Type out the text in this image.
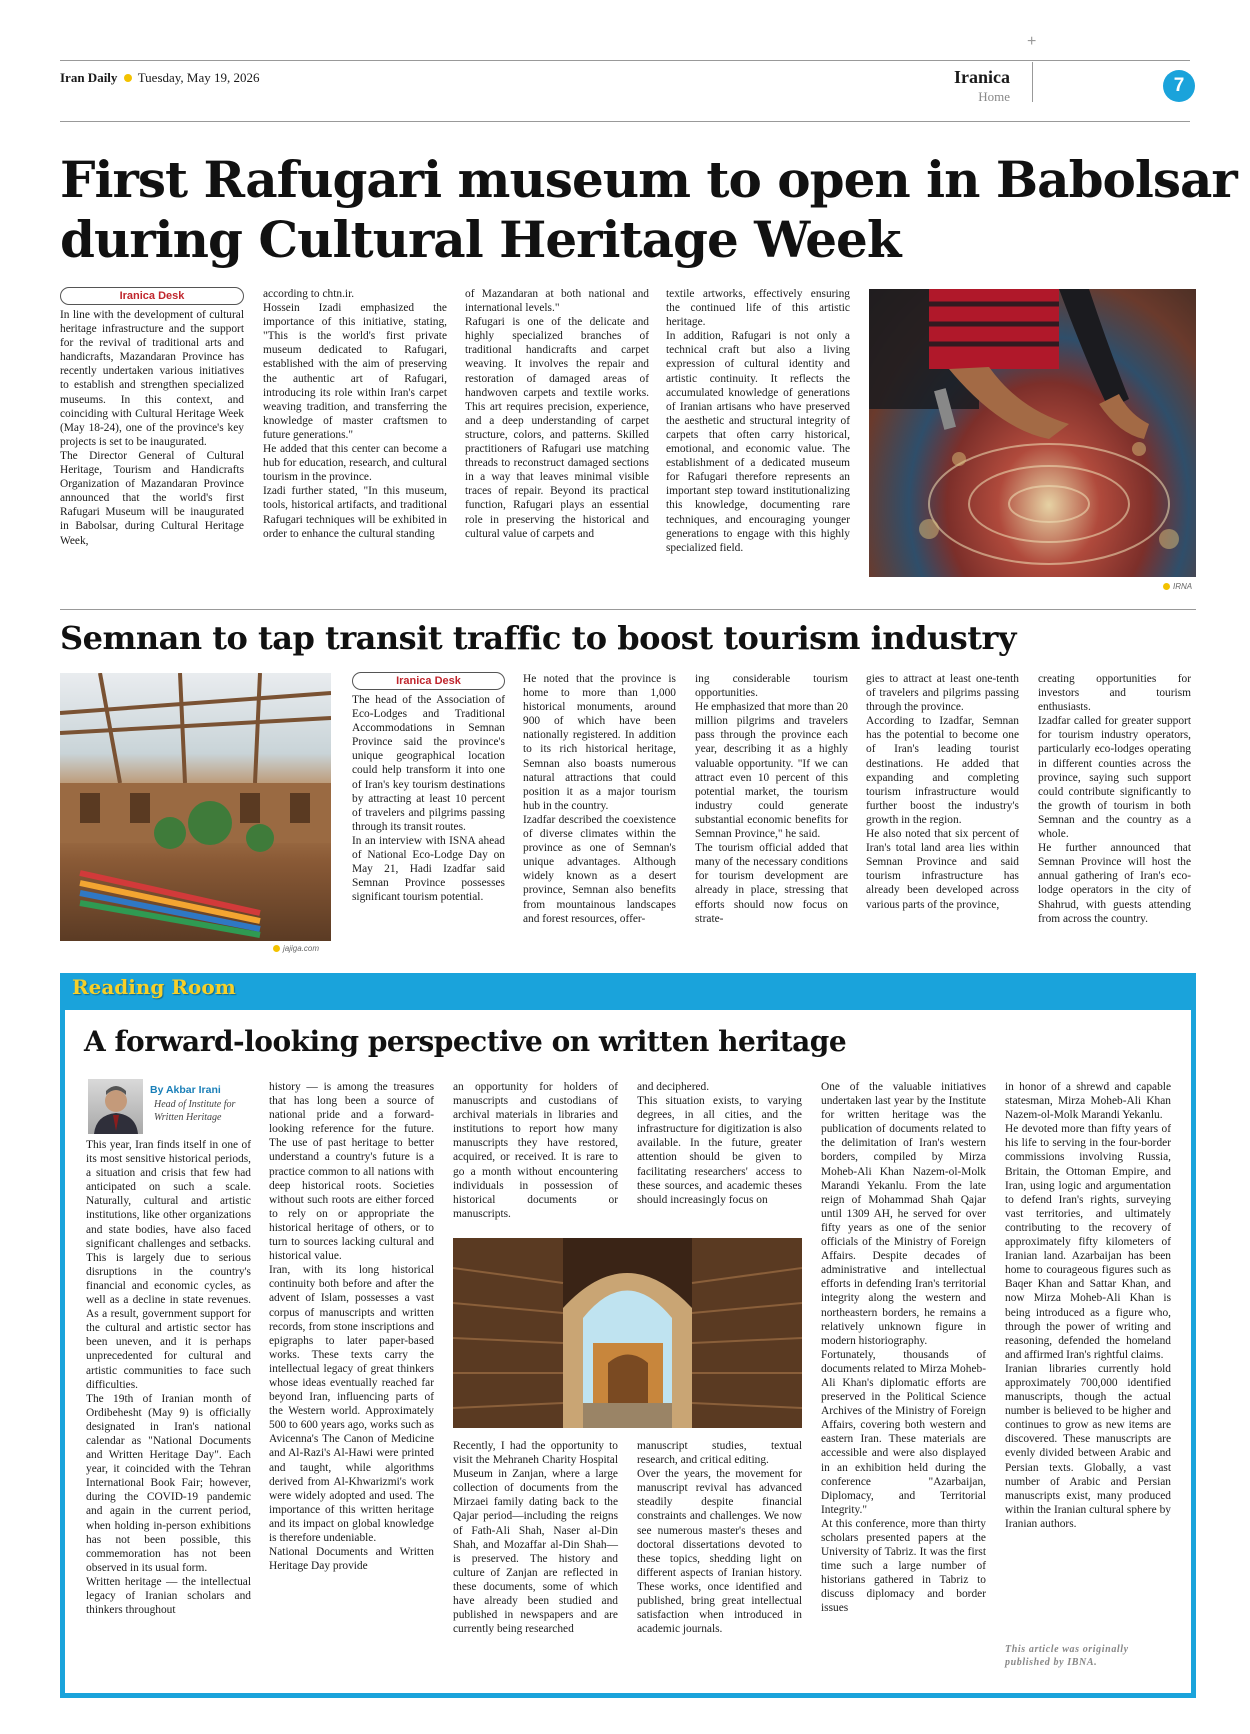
+
Iran Daily Tuesday, May 19, 2026	Iranica
Home
7
First Rafugari museum to open in Babolsar
during Cultural Heritage Week
Iranica Desk

In line with the development of cultural heritage infrastructure and the support for the revival of traditional arts and handicrafts, Mazandaran Province has recently undertaken various initiatives to establish and strengthen specialized museums. In this context, and coinciding with Cultural Heritage Week (May 18-24), one of the province's key projects is set to be inaugurated.
The Director General of Cultural Heritage, Tourism and Handicrafts Organization of Mazandaran Province announced that the world's first Rafugari Museum will be inaugurated in Babolsar, during Cultural Heritage Week,

according to chtn.ir.
Hossein Izadi emphasized the importance of this initiative, stating, "This is the world's first private museum dedicated to Rafugari, established with the aim of preserving the authentic art of Rafugari, introducing its role within Iran's carpet weaving tradition, and transferring the knowledge of master craftsmen to future generations."
He added that this center can become a hub for education, research, and cultural tourism in the province.
Izadi further stated, "In this museum, tools, historical artifacts, and traditional Rafugari techniques will be exhibited in order to enhance the cultural standing

of Mazandaran at both national and international levels."
Rafugari is one of the delicate and highly specialized branches of traditional handicrafts and carpet weaving. It involves the repair and restoration of damaged areas of handwoven carpets and textile works. This art requires precision, experience, and a deep understanding of carpet structure, colors, and patterns. Skilled practitioners of Rafugari use matching threads to reconstruct damaged sections in a way that leaves minimal visible traces of repair. Beyond its practical function, Rafugari plays an essential role in preserving the historical and cultural value of carpets and

textile artworks, effectively ensuring the continued life of this artistic heritage.
In addition, Rafugari is not only a technical craft but also a living expression of cultural identity and artistic continuity. It reflects the accumulated knowledge of generations of Iranian artisans who have preserved the aesthetic and structural integrity of carpets that often carry historical, emotional, and economic value. The establishment of a dedicated museum for Rafugari therefore represents an important step toward institutionalizing this knowledge, documenting rare techniques, and encouraging younger generations to engage with this highly specialized field.

IRNA
Semnan to tap transit traffic to boost tourism industry
jajiga.com
Iranica Desk

The head of the Association of Eco-Lodges and Traditional Accommodations in Semnan Province said the province's unique geographical location could help transform it into one of Iran's key tourism destinations by attracting at least 10 percent of travelers and pilgrims passing through its transit routes.
In an interview with ISNA ahead of National Eco-Lodge Day on May 21, Hadi Izadfar said Semnan Province possesses significant tourism potential.

He noted that the province is home to more than 1,000 historical monuments, around 900 of which have been nationally registered. In addition to its rich historical heritage, Semnan also boasts numerous natural attractions that could position it as a major tourism hub in the country.
Izadfar described the coexistence of diverse climates within the province as one of Semnan's unique advantages. Although widely known as a desert province, Semnan also benefits from mountainous landscapes and forest resources, offer-

ing considerable tourism opportunities.
He emphasized that more than 20 million pilgrims and travelers pass through the province each year, describing it as a highly valuable opportunity. "If we can attract even 10 percent of this potential market, the tourism industry could generate substantial economic benefits for Semnan Province," he said.
The tourism official added that many of the necessary conditions for tourism development are already in place, stressing that efforts should now focus on strate-

gies to attract at least one-tenth of travelers and pilgrims passing through the province.
According to Izadfar, Semnan has the potential to become one of Iran's leading tourist destinations. He added that expanding and completing tourism infrastructure would further boost the industry's growth in the region.
He also noted that six percent of Iran's total land area lies within Semnan Province and said tourism infrastructure has already been developed across various parts of the province,

creating opportunities for investors and tourism enthusiasts.
Izadfar called for greater support for tourism industry operators, particularly eco-lodges operating in different counties across the province, saying such support could contribute significantly to the growth of tourism in both Semnan and the country as a whole.
He further announced that Semnan Province will host the annual gathering of Iran's eco-lodge operators in the city of Shahrud, with guests attending from across the country.

Reading Room
A forward-looking perspective on written heritage
By Akbar Irani
Head of Institute for Written Heritage

This year, Iran finds itself in one of its most sensitive historical periods, a situation and crisis that few had anticipated on such a scale. Naturally, cultural and artistic institutions, like other organizations and state bodies, have also faced significant challenges and setbacks. This is largely due to serious disruptions in the country's financial and economic cycles, as well as a decline in state revenues. As a result, government support for the cultural and artistic sector has been uneven, and it is perhaps unprecedented for cultural and artistic communities to face such difficulties.
The 19th of Iranian month of Ordibehesht (May 9) is officially designated in Iran's national calendar as "National Documents and Written Heritage Day". Each year, it coincided with the Tehran International Book Fair; however, during the COVID-19 pandemic and again in the current period, when holding in-person exhibitions has not been possible, this commemoration has not been observed in its usual form.
Written heritage — the intellectual legacy of Iranian scholars and thinkers throughout

history — is among the treasures that has long been a source of national pride and a forward-looking reference for the future. The use of past heritage to better understand a country's future is a practice common to all nations with deep historical roots. Societies without such roots are either forced to rely on or appropriate the historical heritage of others, or to turn to sources lacking cultural and historical value.
Iran, with its long historical continuity both before and after the advent of Islam, possesses a vast corpus of manuscripts and written records, from stone inscriptions and epigraphs to later paper-based works. These texts carry the intellectual legacy of great thinkers whose ideas eventually reached far beyond Iran, influencing parts of the Western world. Approximately 500 to 600 years ago, works such as Avicenna's The Canon of Medicine and Al-Razi's Al-Hawi were printed and taught, while algorithms derived from Al-Khwarizmi's work were widely adopted and used. The importance of this written heritage and its impact on global knowledge is therefore undeniable.
National Documents and Written Heritage Day provide

an opportunity for holders of manuscripts and custodians of archival materials in libraries and institutions to report how many manuscripts they have restored, acquired, or received. It is rare to go a month without encountering individuals in possession of historical documents or manuscripts.

and deciphered.
This situation exists, to varying degrees, in all cities, and the infrastructure for digitization is also available. In the future, greater attention should be given to facilitating researchers' access to these sources, and academic theses should increasingly focus on

Recently, I had the opportunity to visit the Mehraneh Charity Hospital Museum in Zanjan, where a large collection of documents from the Mirzaei family dating back to the Qajar period—including the reigns of Fath-Ali Shah, Naser al-Din Shah, and Mozaffar al-Din Shah—is preserved. The history and culture of Zanjan are reflected in these documents, some of which have already been studied and published in newspapers and are currently being researched

manuscript studies, textual research, and critical editing.
Over the years, the movement for manuscript revival has advanced steadily despite financial constraints and challenges. We now see numerous master's theses and doctoral dissertations devoted to these topics, shedding light on different aspects of Iranian history. These works, once identified and published, bring great intellectual satisfaction when introduced in academic journals.

One of the valuable initiatives undertaken last year by the Institute for written heritage was the publication of documents related to the delimitation of Iran's western borders, compiled by Mirza Moheb-Ali Khan Nazem-ol-Molk Marandi Yekanlu. From the late reign of Mohammad Shah Qajar until 1309 AH, he served for over fifty years as one of the senior officials of the Ministry of Foreign Affairs. Despite decades of administrative and intellectual efforts in defending Iran's territorial integrity along the western and northeastern borders, he remains a relatively unknown figure in modern historiography.
Fortunately, thousands of documents related to Mirza Moheb-Ali Khan's diplomatic efforts are preserved in the Political Science Archives of the Ministry of Foreign Affairs, covering both western and eastern Iran. These materials are accessible and were also displayed in an exhibition held during the conference "Azarbaijan, Diplomacy, and Territorial Integrity."
At this conference, more than thirty scholars presented papers at the University of Tabriz. It was the first time such a large number of historians gathered in Tabriz to discuss diplomacy and border issues

in honor of a shrewd and capable statesman, Mirza Moheb-Ali Khan Nazem-ol-Molk Marandi Yekanlu.
He devoted more than fifty years of his life to serving in the four-border commissions involving Russia, Britain, the Ottoman Empire, and Iran, using logic and argumentation to defend Iran's rights, surveying vast territories, and ultimately contributing to the recovery of approximately fifty kilometers of Iranian land. Azarbaijan has been home to courageous figures such as Baqer Khan and Sattar Khan, and now Mirza Moheb-Ali Khan is being introduced as a figure who, through the power of writing and reasoning, defended the homeland and affirmed Iran's rightful claims.
Iranian libraries currently hold approximately 700,000 identified manuscripts, though the actual number is believed to be higher and continues to grow as new items are discovered. These manuscripts are evenly divided between Arabic and Persian texts. Globally, a vast number of Arabic and Persian manuscripts exist, many produced within the Iranian cultural sphere by Iranian authors.

This article was originally published by IBNA.
